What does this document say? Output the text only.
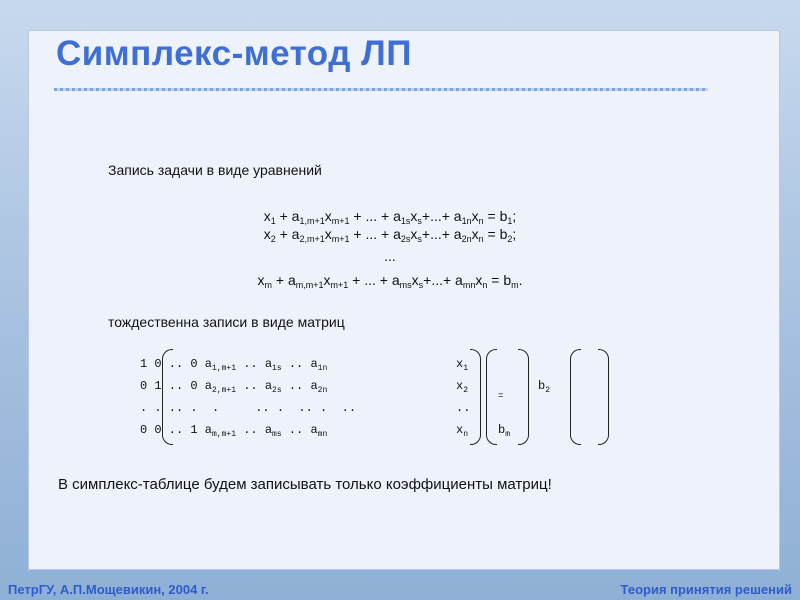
Симплекс-метод ЛП
Запись задачи в виде уравнений
$x_1 + a_{1,m+1}x_{m+1}$ + ... + $a_{1s}x_s+...+ a_{1n}x_n = b_1$;
$x_2 + a_{2,m+1}x_{m+1}$ + ... + $a_{2s}x_s+...+ a_{2n}x_n = b_2$;
...
$x_m + a_{m,m+1}x_{m+1}$ + ... + $a_{ms}x_s+...+ a_{mn}x_n = b_m$.
тождественна записи в виде матриц
1 0 .. 0 $a_{1,m+1}$ .. $a_{1s}$ .. $a_{1n}$
0 1 .. 0 $a_{2,m+1}$ .. $a_{2s}$ .. $a_{2n}$
. . .. .  .     .. .  .. .  ..
0 0 .. 1 $a_{m,m+1}$ .. $a_{ms}$ .. $a_{mn}$
$x_1$
$x_2$
..
$x_n$
=
$b_2$
$b_m$
В симплекс-таблице будем записывать только коэффициенты матриц!
ПетрГУ, А.П.Мощевикин, 2004 г.	Теория принятия решений
